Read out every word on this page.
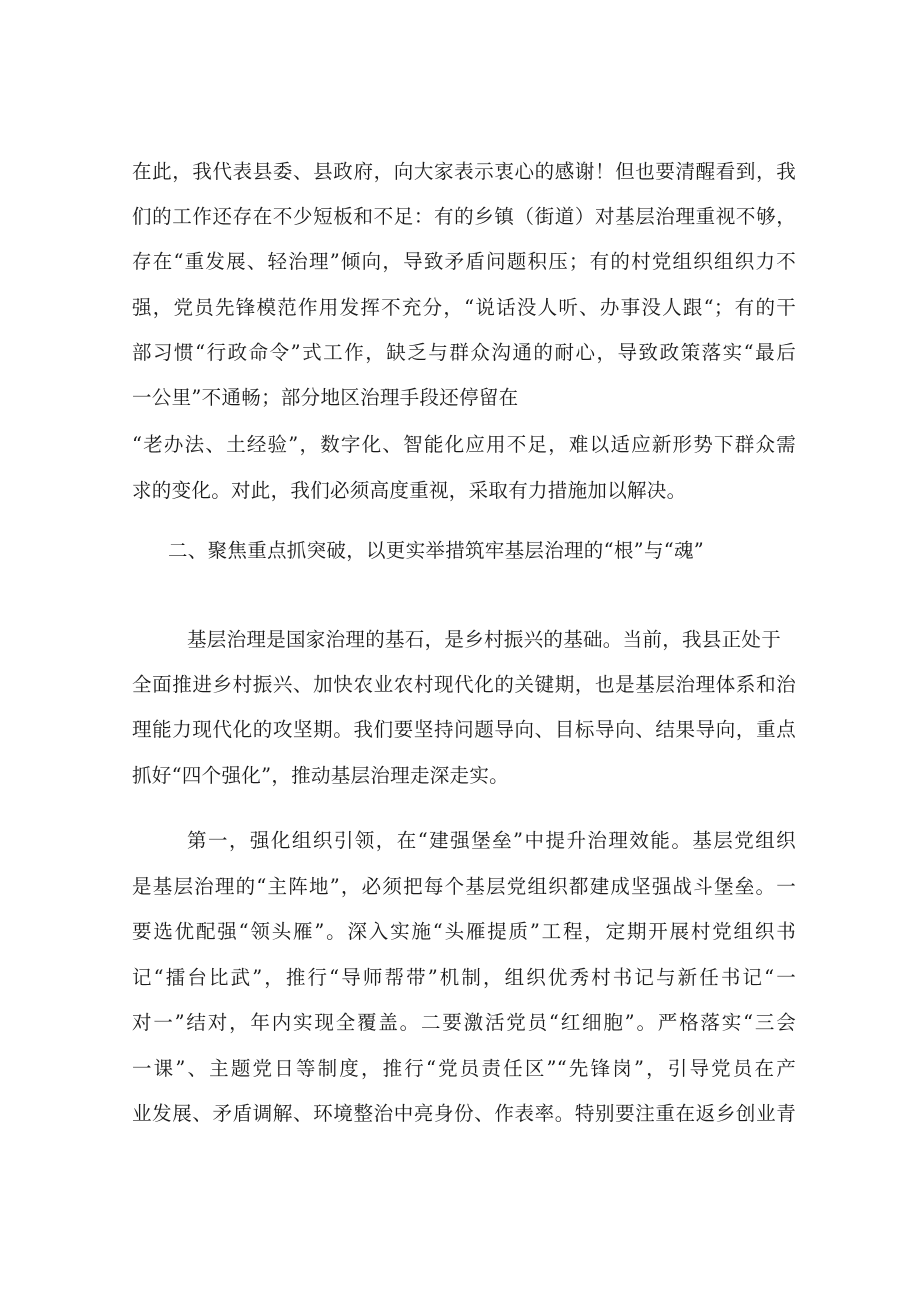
在此，我代表县委、县政府，向大家表示衷心的感谢！但也要清醒看到，我
们的工作还存在不少短板和不足：有的乡镇（街道）对基层治理重视不够，
存在“重发展、轻治理”倾向，导致矛盾问题积压；有的村党组织组织力不
强，党员先锋模范作用发挥不充分，“说话没人听、办事没人跟“；有的干
部习惯“行政命令”式工作，缺乏与群众沟通的耐心，导致政策落实“最后
一公里”不通畅；部分地区治理手段还停留在
“老办法、土经验”，数字化、智能化应用不足，难以适应新形势下群众需
求的变化。对此，我们必须高度重视，采取有力措施加以解决。
二、聚焦重点抓突破，以更实举措筑牢基层治理的“根”与“魂”
基层治理是国家治理的基石，是乡村振兴的基础。当前，我县正处于
全面推进乡村振兴、加快农业农村现代化的关键期，也是基层治理体系和治
理能力现代化的攻坚期。我们要坚持问题导向、目标导向、结果导向，重点
抓好“四个强化”，推动基层治理走深走实。
第一，强化组织引领，在“建强堡垒”中提升治理效能。基层党组织
是基层治理的“主阵地”，必须把每个基层党组织都建成坚强战斗堡垒。一
要选优配强“领头雁”。深入实施“头雁提质”工程，定期开展村党组织书
记“擂台比武”，推行“导师帮带”机制，组织优秀村书记与新任书记“一
对一”结对，年内实现全覆盖。二要激活党员“红细胞”。严格落实“三会
一课”、主题党日等制度，推行“党员责任区”“先锋岗”，引导党员在产
业发展、矛盾调解、环境整治中亮身份、作表率。特别要注重在返乡创业青
